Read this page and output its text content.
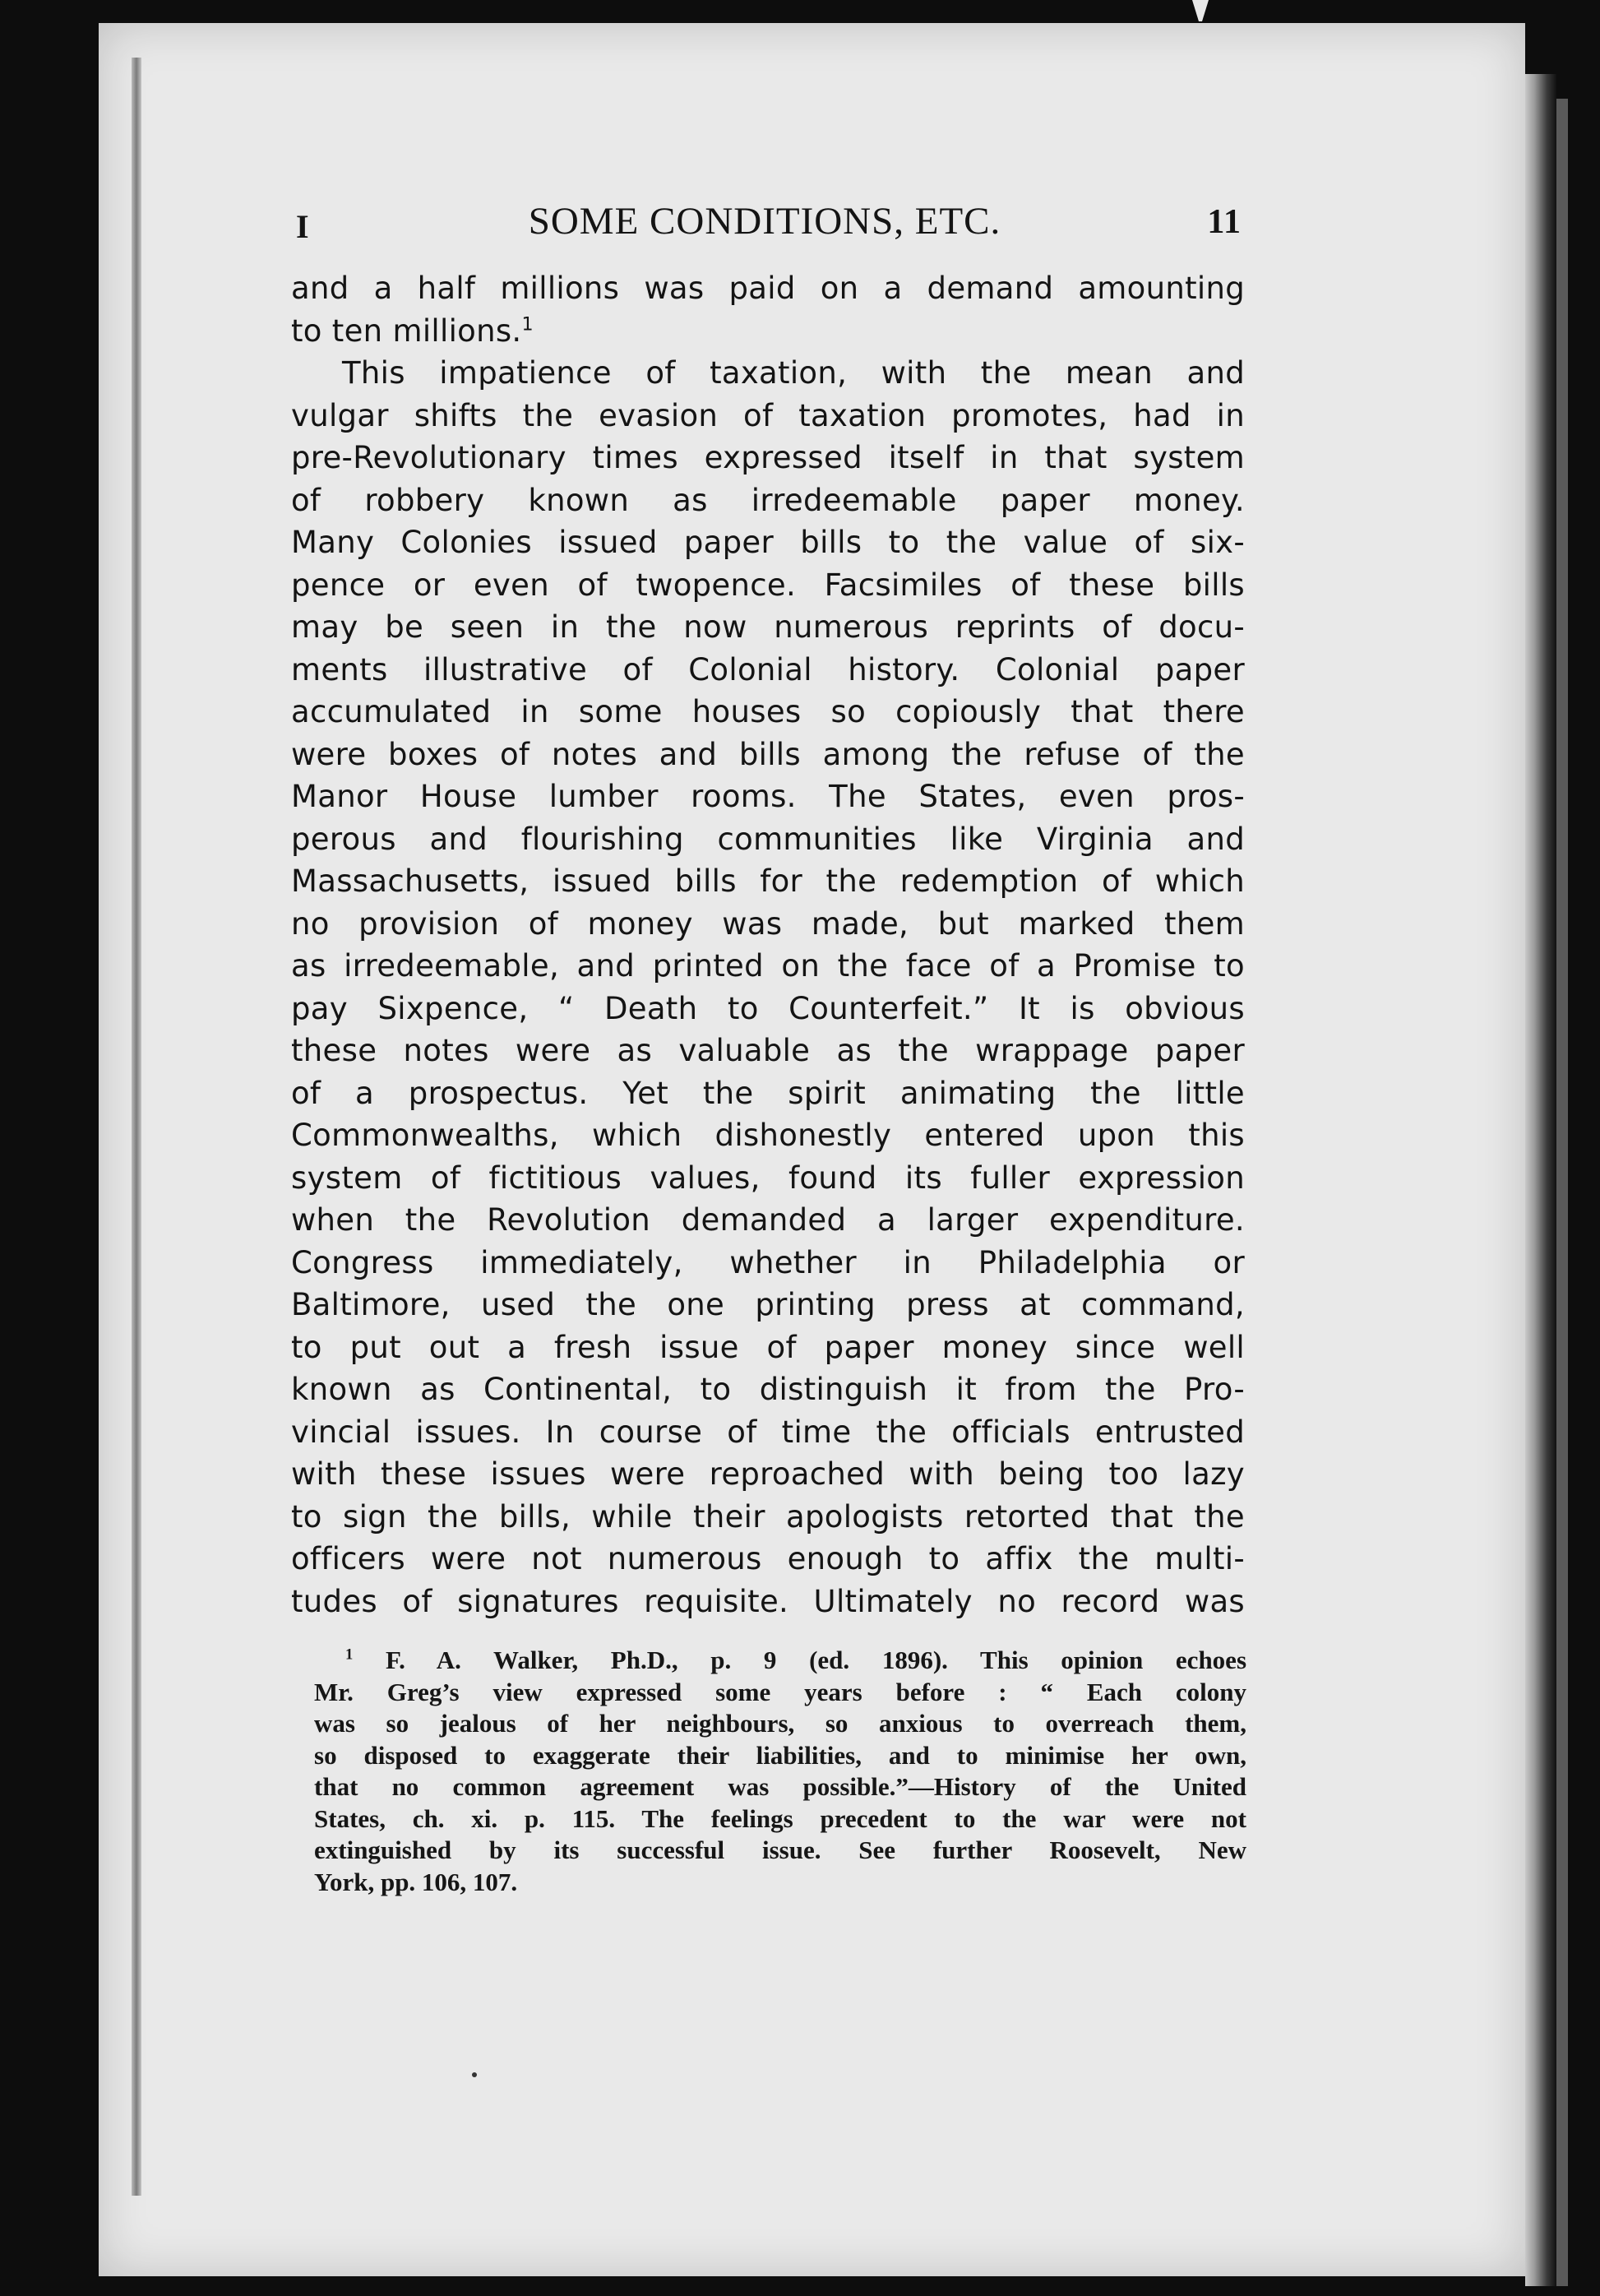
I	SOME CONDITIONS, ETC.	11
and a half millions was paid on a demand amounting
to ten millions.$^1$
This impatience of taxation, with the mean and
vulgar shifts the evasion of taxation promotes, had in
pre-Revolutionary times expressed itself in that system
of robbery known as irredeemable paper money.
Many Colonies issued paper bills to the value of six-
pence or even of twopence. Facsimiles of these bills
may be seen in the now numerous reprints of docu-
ments illustrative of Colonial history. Colonial paper
accumulated in some houses so copiously that there
were boxes of notes and bills among the refuse of the
Manor House lumber rooms. The States, even pros-
perous and flourishing communities like Virginia and
Massachusetts, issued bills for the redemption of which
no provision of money was made, but marked them
as irredeemable, and printed on the face of a Promise to
pay Sixpence, “ Death to Counterfeit.” It is obvious
these notes were as valuable as the wrappage paper
of a prospectus. Yet the spirit animating the little
Commonwealths, which dishonestly entered upon this
system of fictitious values, found its fuller expression
when the Revolution demanded a larger expenditure.
Congress immediately, whether in Philadelphia or
Baltimore, used the one printing press at command,
to put out a fresh issue of paper money since well
known as Continental, to distinguish it from the Pro-
vincial issues. In course of time the officials entrusted
with these issues were reproached with being too lazy
to sign the bills, while their apologists retorted that the
officers were not numerous enough to affix the multi-
tudes of signatures requisite. Ultimately no record was
$^1$ F. A. Walker, Ph.D., p. 9 (ed. 1896). This opinion echoes
Mr. Greg’s view expressed some years before : “ Each colony
was so jealous of her neighbours, so anxious to overreach them,
so disposed to exaggerate their liabilities, and to minimise her own,
that no common agreement was possible.”—History of the United
States, ch. xi. p. 115. The feelings precedent to the war were not
extinguished by its successful issue. See further Roosevelt, New
York, pp. 106, 107.
